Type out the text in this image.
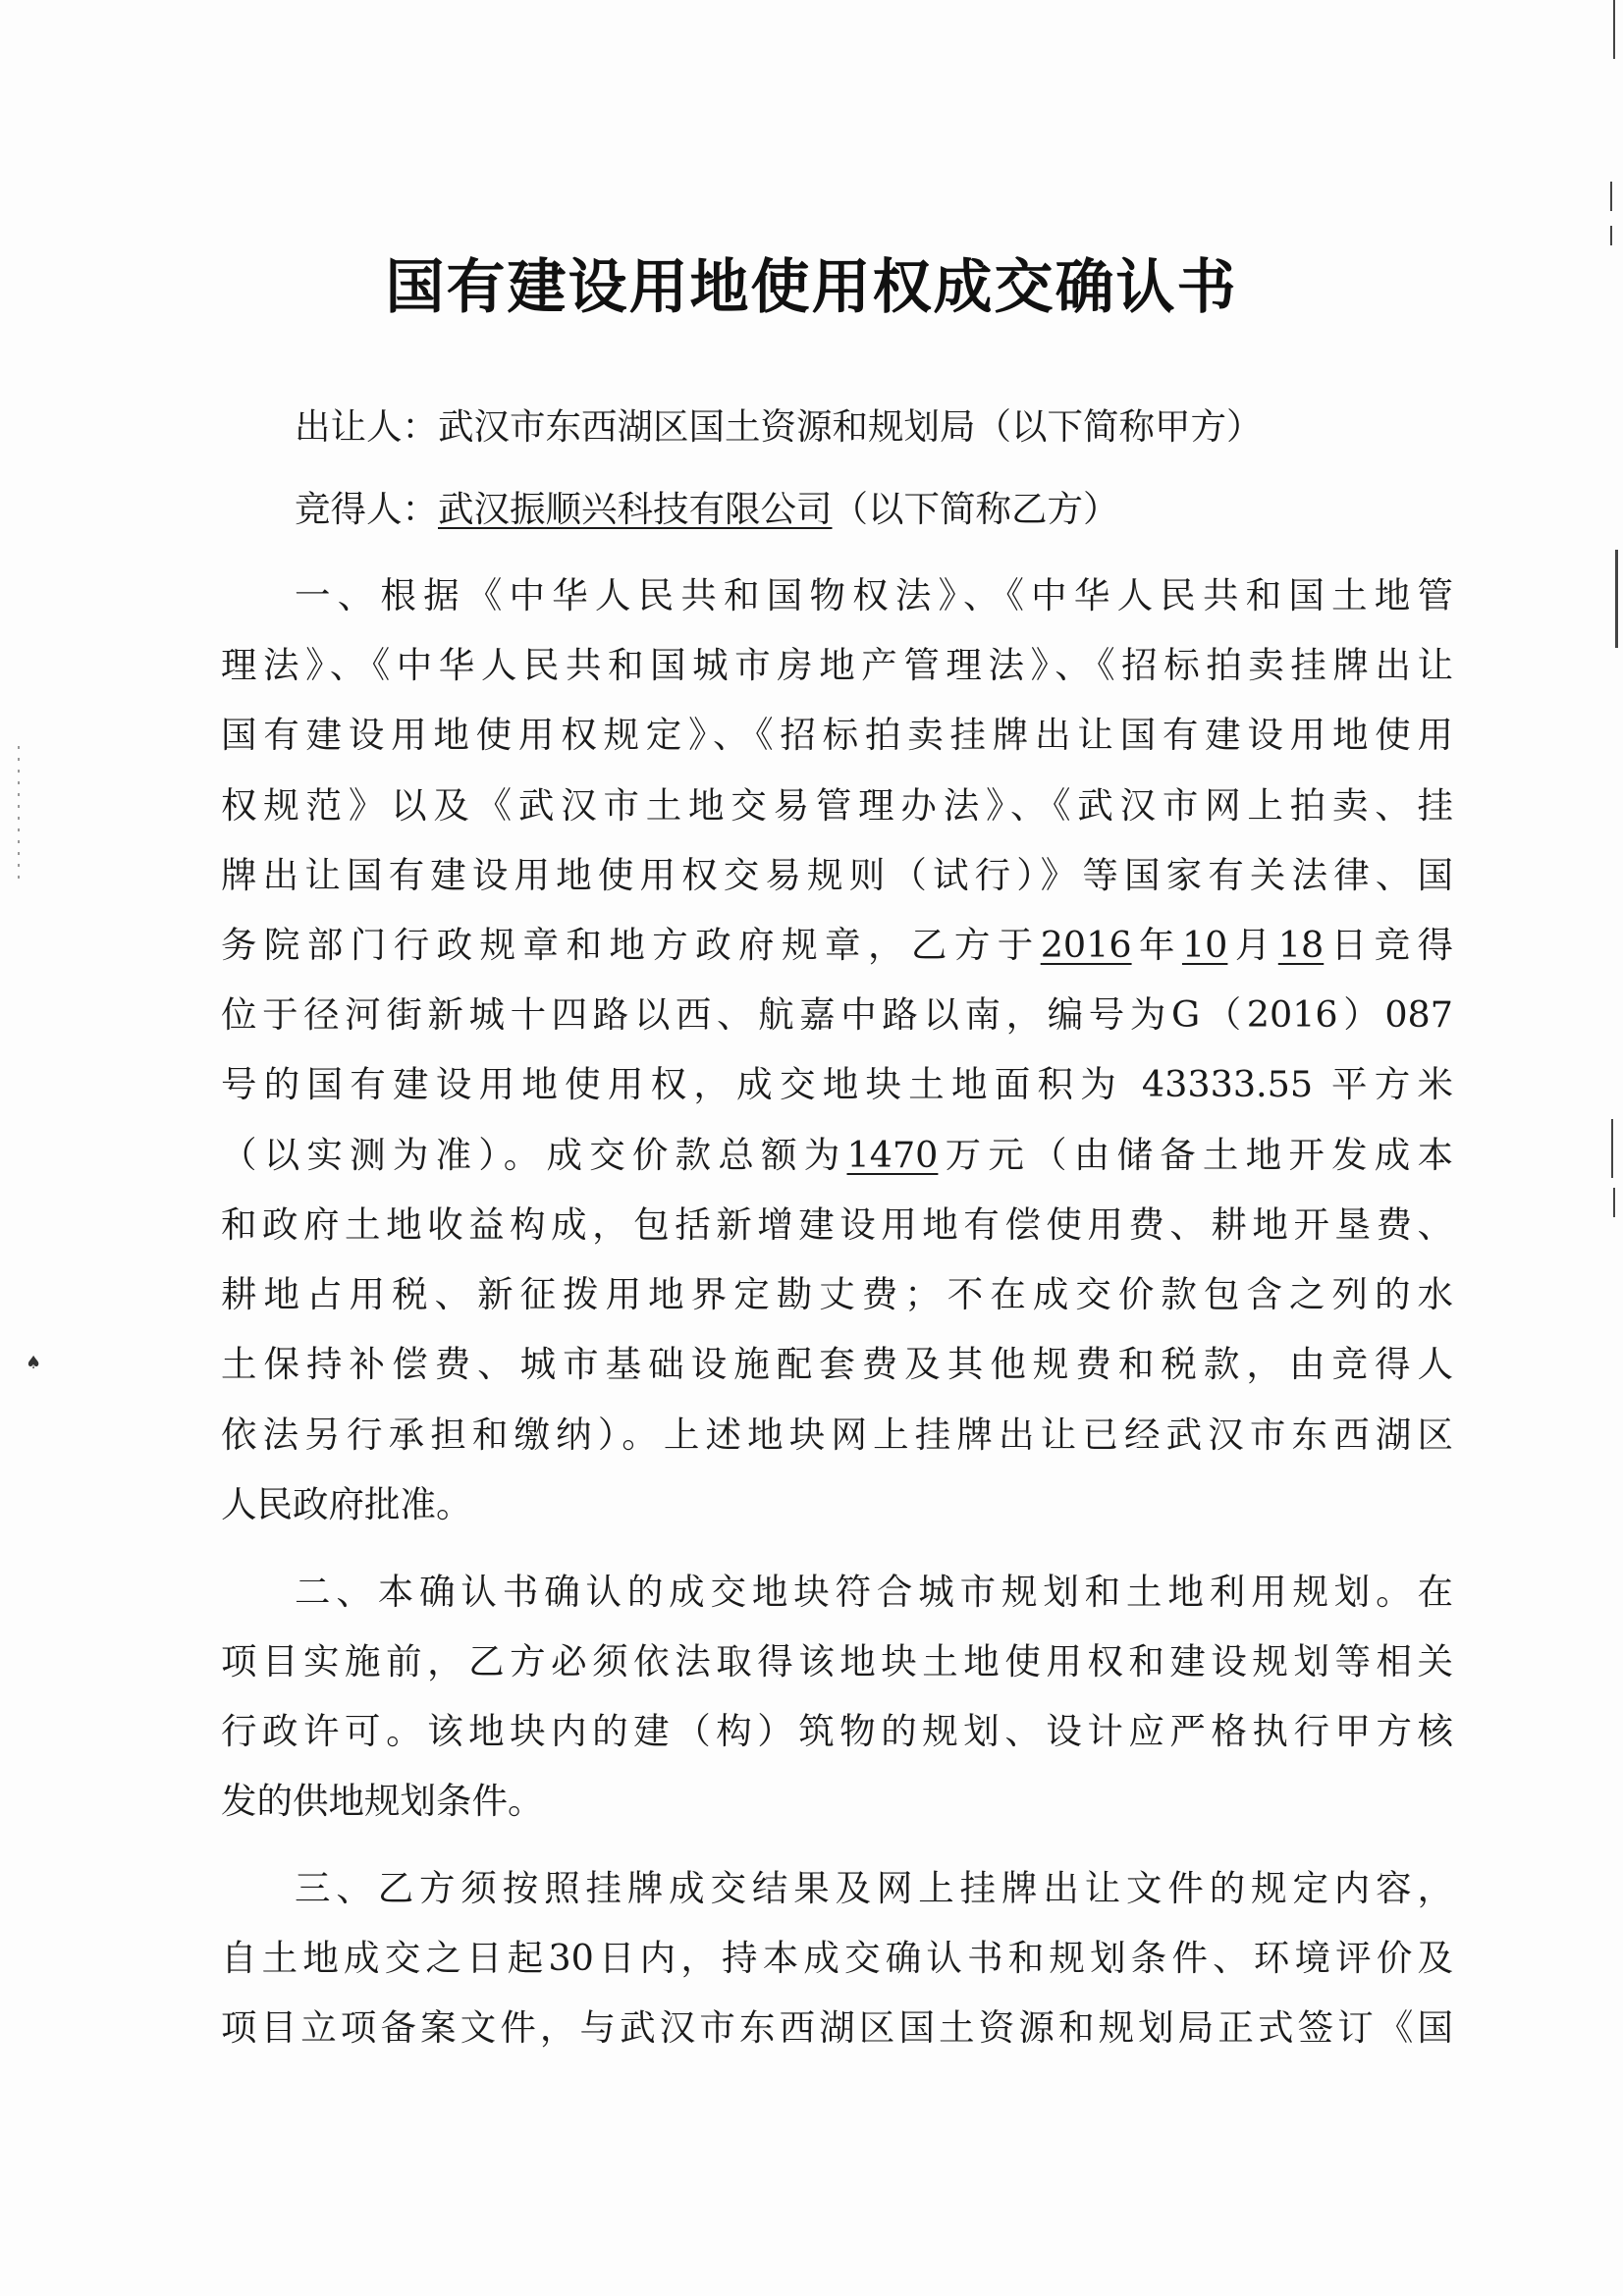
♠
国有建设用地使用权成交确认书
出让人：武汉市东西湖区国土资源和规划局（以下简称甲方）
竞得人：武汉振顺兴科技有限公司（以下简称乙方）
一、根据《中华人民共和国物权法》、《中华人民共和国土地管
理法》、《中华人民共和国城市房地产管理法》、《招标拍卖挂牌出让
国有建设用地使用权规定》、《招标拍卖挂牌出让国有建设用地使用
权规范》以及《武汉市土地交易管理办法》、《武汉市网上拍卖、挂
牌出让国有建设用地使用权交易规则（试行）》等国家有关法律、国
务院部门行政规章和地方政府规章，乙方于2016年10月18日竞得
位于径河街新城十四路以西、航嘉中路以南，编号为G（2016）087
号的国有建设用地使用权，成交地块土地面积为 43333.55 平方米
（以实测为准）。成交价款总额为1470万元（由储备土地开发成本
和政府土地收益构成，包括新增建设用地有偿使用费、耕地开垦费、
耕地占用税、新征拨用地界定勘丈费；不在成交价款包含之列的水
土保持补偿费、城市基础设施配套费及其他规费和税款，由竞得人
依法另行承担和缴纳）。上述地块网上挂牌出让已经武汉市东西湖区
人民政府批准。
二、本确认书确认的成交地块符合城市规划和土地利用规划。在
项目实施前，乙方必须依法取得该地块土地使用权和建设规划等相关
行政许可。该地块内的建（构）筑物的规划、设计应严格执行甲方核
发的供地规划条件。
三、乙方须按照挂牌成交结果及网上挂牌出让文件的规定内容，
自土地成交之日起30日内，持本成交确认书和规划条件、环境评价及
项目立项备案文件，与武汉市东西湖区国土资源和规划局正式签订《国
